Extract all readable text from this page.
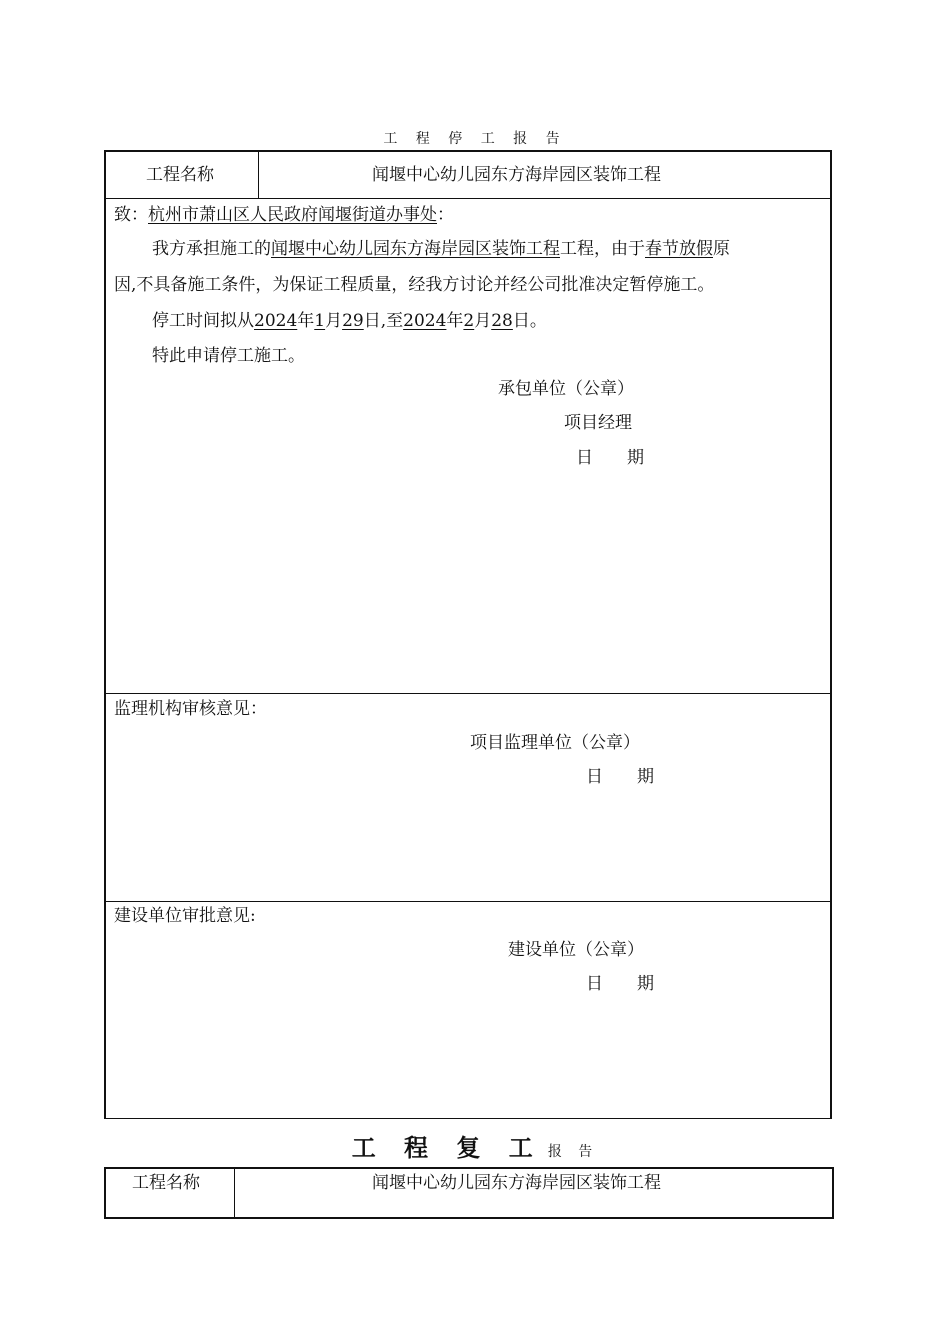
工 程 停 工 报 告
工程名称	闻堰中心幼儿园东方海岸园区装饰工程
致：杭州市萧山区人民政府闻堰街道办事处：
我方承担施工的闻堰中心幼儿园东方海岸园区装饰工程工程，由于春节放假原
因,不具备施工条件，为保证工程质量，经我方讨论并经公司批准决定暂停施工。
停工时间拟从2024年1月29日,至2024年2月28日。
特此申请停工施工。
承包单位（公章）
项目经理
日　　期
监理机构审核意见：
项目监理单位（公章）
日　　期
建设单位审批意见:
建设单位（公章）
日　　期
工 程 复 工 报 告
工程名称	闻堰中心幼儿园东方海岸园区装饰工程
